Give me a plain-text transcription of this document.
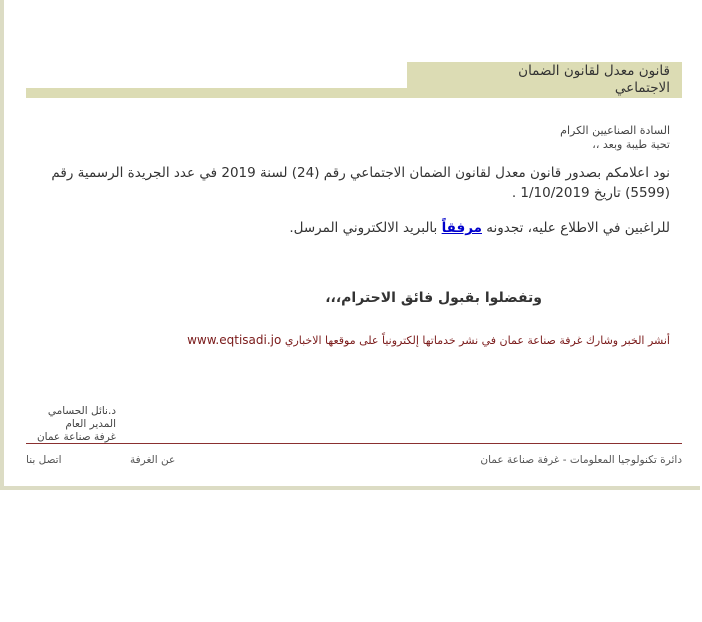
قانون معدل لقانون الضمان
الاجتماعي
السادة الصناعيين الكرام
تحية طيبة وبعد ،،
نود اعلامكم بصدور قانون معدل لقانون الضمان الاجتماعي رقم (24) لسنة 2019 في عدد الجريدة الرسمية رقم (5599) تاريخ 1/10/2019 .
للراغبين في الاطلاع عليه، تجدونه مرفقاً بالبريد الالكتروني المرسل.
وتفضلوا بقبول فائق الاحترام،،،
أنشر الخبر وشارك غرفة صناعة عمان في نشر خدماتها إلكترونياً على موقعها الاخباري www.eqtisadi.jo
د.نائل الحسامي
المدير العام
غرفة صناعة عمان
دائرة تكنولوجيا المعلومات - غرفة صناعة عمان
عن الغرفة
اتصل بنا
